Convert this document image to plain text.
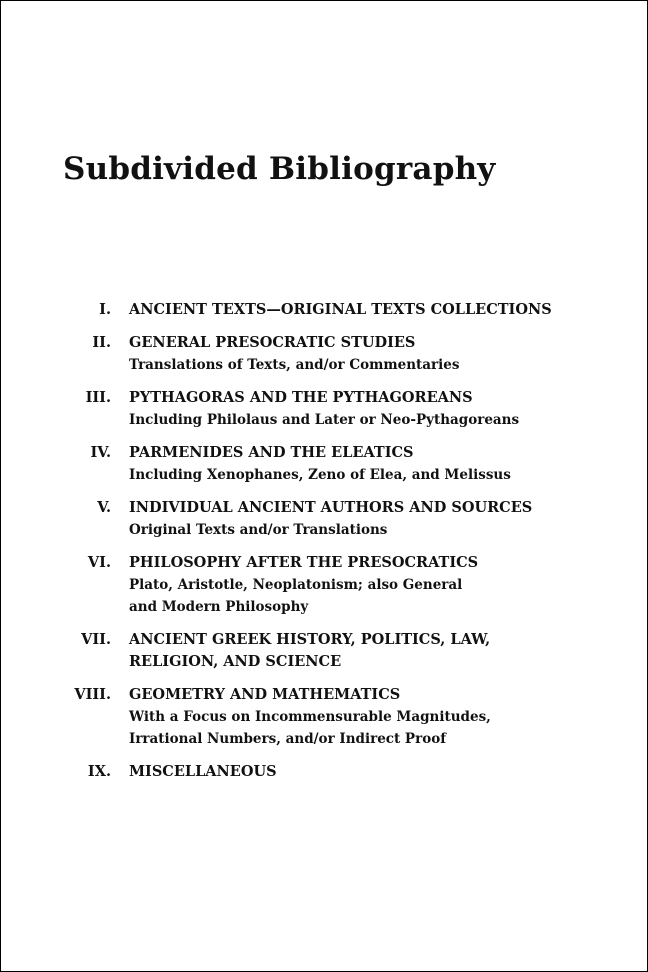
Subdivided Bibliography
I.	ANCIENT TEXTS—ORIGINAL TEXTS COLLECTIONS
II.	GENERAL PRESOCRATIC STUDIES
Translations of Texts, and/or Commentaries
III.	PYTHAGORAS AND THE PYTHAGOREANS
Including Philolaus and Later or Neo-Pythagoreans
IV.	PARMENIDES AND THE ELEATICS
Including Xenophanes, Zeno of Elea, and Melissus
V.	INDIVIDUAL ANCIENT AUTHORS AND SOURCES
Original Texts and/or Translations
VI.	PHILOSOPHY AFTER THE PRESOCRATICS
Plato, Aristotle, Neoplatonism; also General
and Modern Philosophy
VII.	ANCIENT GREEK HISTORY, POLITICS, LAW,
RELIGION, AND SCIENCE
VIII.	GEOMETRY AND MATHEMATICS
With a Focus on Incommensurable Magnitudes,
Irrational Numbers, and/or Indirect Proof
IX.	MISCELLANEOUS
